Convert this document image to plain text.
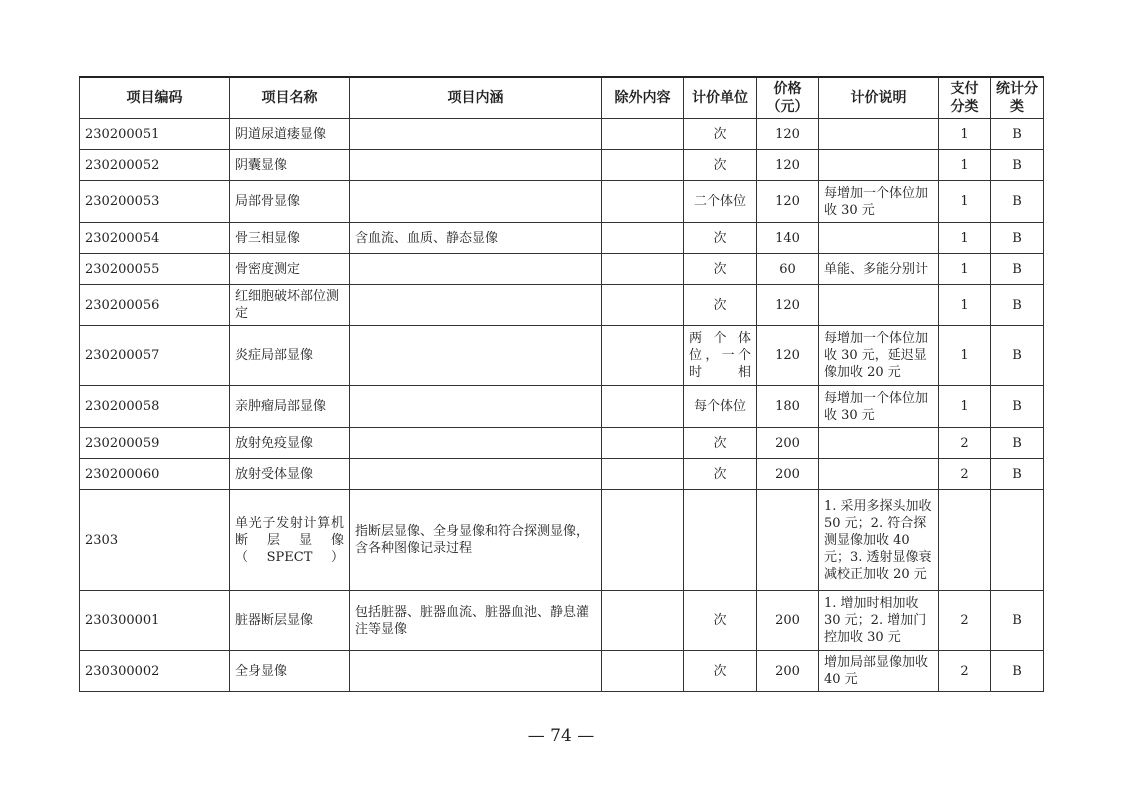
项目编码	项目名称	项目内涵	除外内容	计价单位	价格（元）	计价说明	支付分类	统计分类
230200051	阴道尿道瘘显像			次	120		1	B
230200052	阴囊显像			次	120		1	B
230200053	局部骨显像			二个体位	120	每增加一个体位加收 30 元	1	B
230200054	骨三相显像	含血流、血质、静态显像		次	140		1	B
230200055	骨密度测定			次	60	单能、多能分别计	1	B
230200056	红细胞破坏部位测定			次	120		1	B
230200057	炎症局部显像			两个体位，一个时相	120	每增加一个体位加收 30 元，延迟显像加收 20 元	1	B
230200058	亲肿瘤局部显像			每个体位	180	每增加一个体位加收 30 元	1	B
230200059	放射免疫显像			次	200		2	B
230200060	放射受体显像			次	200		2	B
2303	单光子发射计算机断层显像（SPECT）	指断层显像、全身显像和符合探测显像，含各种图像记录过程				1. 采用多探头加收 50 元；2. 符合探测显像加收 40 元；3. 透射显像衰减校正加收 20 元		
230300001	脏器断层显像	包括脏器、脏器血流、脏器血池、静息灌注等显像		次	200	1. 增加时相加收 30 元；2. 增加门控加收 30 元	2	B
230300002	全身显像			次	200	增加局部显像加收 40 元	2	B
— 74 —
